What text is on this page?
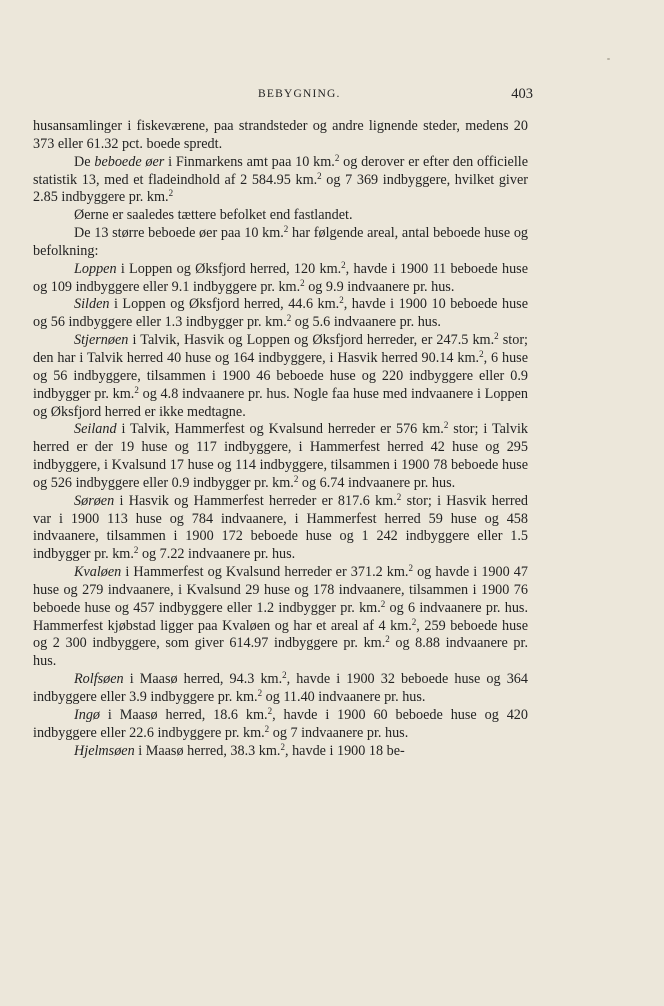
BEBYGNING.	403

husansamlinger i fiskeværene, paa strandsteder og andre lignende steder, medens 20 373 eller 61.32 pct. boede spredt.

De beboede øer i Finmarkens amt paa 10 km.$^2$ og derover er efter den officielle statistik 13, med et fladeindhold af 2 584.95 km.$^2$ og 7 369 indbyggere, hvilket giver 2.85 indbyggere pr. km.$^2$

Øerne er saaledes tættere befolket end fastlandet.

De 13 større beboede øer paa 10 km.$^2$ har følgende areal, antal beboede huse og befolkning:

Loppen i Loppen og Øksfjord herred, 120 km.$^2$, havde i 1900 11 beboede huse og 109 indbyggere eller 9.1 indbyggere pr. km.$^2$ og 9.9 indvaanere pr. hus.

Silden i Loppen og Øksfjord herred, 44.6 km.$^2$, havde i 1900 10 beboede huse og 56 indbyggere eller 1.3 indbygger pr. km.$^2$ og 5.6 indvaanere pr. hus.

Stjernøen i Talvik, Hasvik og Loppen og Øksfjord herreder, er 247.5 km.$^2$ stor; den har i Talvik herred 40 huse og 164 indbyggere, i Hasvik herred 90.14 km.$^2$, 6 huse og 56 indbyggere, tilsammen i 1900 46 beboede huse og 220 indbyggere eller 0.9 indbygger pr. km.$^2$ og 4.8 indvaanere pr. hus. Nogle faa huse med indvaanere i Loppen og Øksfjord herred er ikke medtagne.

Seiland i Talvik, Hammerfest og Kvalsund herreder er 576 km.$^2$ stor; i Talvik herred er der 19 huse og 117 indbyggere, i Hammerfest herred 42 huse og 295 indbyggere, i Kvalsund 17 huse og 114 indbyggere, tilsammen i 1900 78 beboede huse og 526 indbyggere eller 0.9 indbygger pr. km.$^2$ og 6.74 indvaanere pr. hus.

Sørøen i Hasvik og Hammerfest herreder er 817.6 km.$^2$ stor; i Hasvik herred var i 1900 113 huse og 784 indvaanere, i Hammerfest herred 59 huse og 458 indvaanere, tilsammen i 1900 172 beboede huse og 1 242 indbyggere eller 1.5 indbygger pr. km.$^2$ og 7.22 indvaanere pr. hus.

Kvaløen i Hammerfest og Kvalsund herreder er 371.2 km.$^2$ og havde i 1900 47 huse og 279 indvaanere, i Kvalsund 29 huse og 178 indvaanere, tilsammen i 1900 76 beboede huse og 457 indbyggere eller 1.2 indbygger pr. km.$^2$ og 6 indvaanere pr. hus. Hammerfest kjøbstad ligger paa Kvaløen og har et areal af 4 km.$^2$, 259 beboede huse og 2 300 indbyggere, som giver 614.97 indbyggere pr. km.$^2$ og 8.88 indvaanere pr. hus.

Rolfsøen i Maasø herred, 94.3 km.$^2$, havde i 1900 32 beboede huse og 364 indbyggere eller 3.9 indbyggere pr. km.$^2$ og 11.40 indvaanere pr. hus.

Ingø i Maasø herred, 18.6 km.$^2$, havde i 1900 60 beboede huse og 420 indbyggere eller 22.6 indbyggere pr. km.$^2$ og 7 indvaanere pr. hus.

Hjelmsøen i Maasø herred, 38.3 km.$^2$, havde i 1900 18 be-
